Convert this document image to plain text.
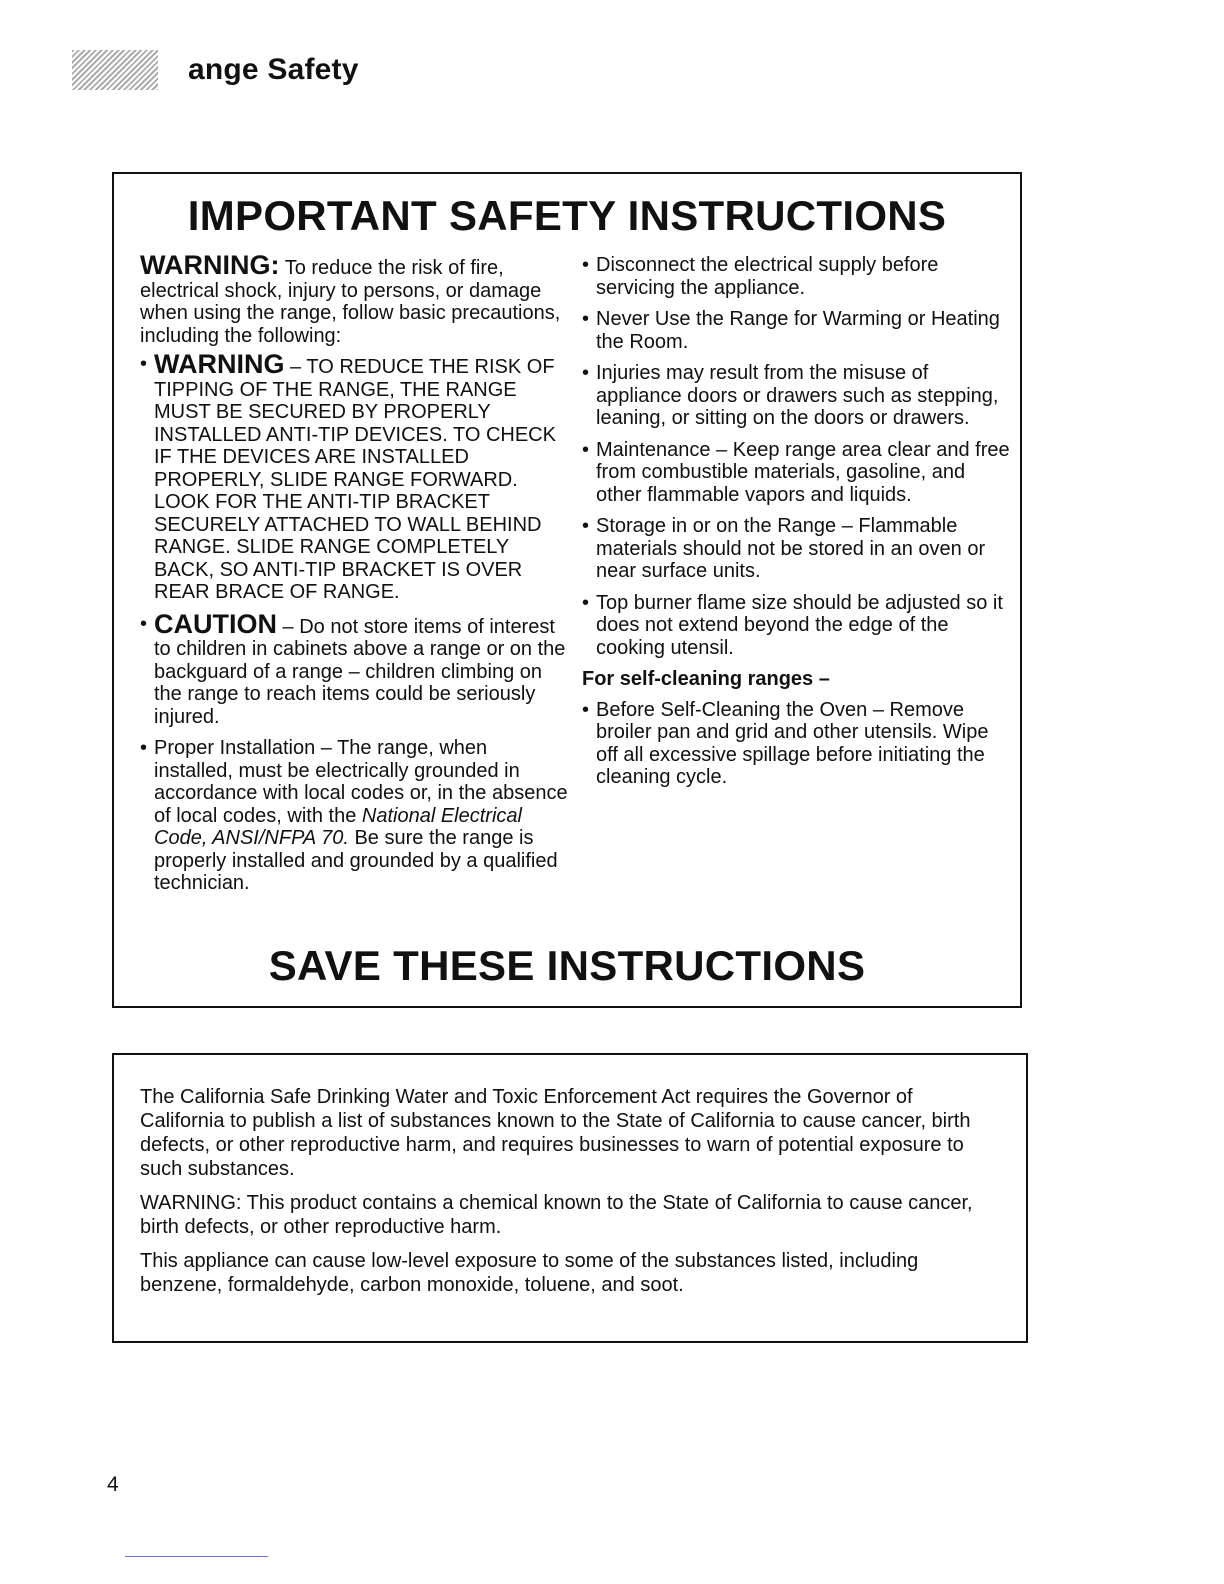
ange Safety
IMPORTANT SAFETY INSTRUCTIONS

WARNING: To reduce the risk of fire, electrical shock, injury to persons, or damage when using the range, follow basic precautions, including the following:

• WARNING – TO REDUCE THE RISK OF TIPPING OF THE RANGE, THE RANGE MUST BE SECURED BY PROPERLY INSTALLED ANTI-TIP DEVICES. TO CHECK IF THE DEVICES ARE INSTALLED PROPERLY, SLIDE RANGE FORWARD. LOOK FOR THE ANTI-TIP BRACKET SECURELY ATTACHED TO WALL BEHIND RANGE. SLIDE RANGE COMPLETELY BACK, SO ANTI-TIP BRACKET IS OVER REAR BRACE OF RANGE.
• CAUTION – Do not store items of interest to children in cabinets above a range or on the backguard of a range – children climbing on the range to reach items could be seriously injured.
• Proper Installation – The range, when installed, must be electrically grounded in accordance with local codes or, in the absence of local codes, with the National Electrical Code, ANSI/NFPA 70. Be sure the range is properly installed and grounded by a qualified technician.
• Disconnect the electrical supply before servicing the appliance.
• Never Use the Range for Warming or Heating the Room.
• Injuries may result from the misuse of appliance doors or drawers such as stepping, leaning, or sitting on the doors or drawers.
• Maintenance – Keep range area clear and free from combustible materials, gasoline, and other flammable vapors and liquids.
• Storage in or on the Range – Flammable materials should not be stored in an oven or near surface units.
• Top burner flame size should be adjusted so it does not extend beyond the edge of the cooking utensil.
For self-cleaning ranges –
• Before Self-Cleaning the Oven – Remove broiler pan and grid and other utensils. Wipe off all excessive spillage before initiating the cleaning cycle.
SAVE THESE INSTRUCTIONS

The California Safe Drinking Water and Toxic Enforcement Act requires the Governor of California to publish a list of substances known to the State of California to cause cancer, birth defects, or other reproductive harm, and requires businesses to warn of potential exposure to such substances.

WARNING: This product contains a chemical known to the State of California to cause cancer, birth defects, or other reproductive harm.

This appliance can cause low-level exposure to some of the substances listed, including benzene, formaldehyde, carbon monoxide, toluene, and soot.

4
